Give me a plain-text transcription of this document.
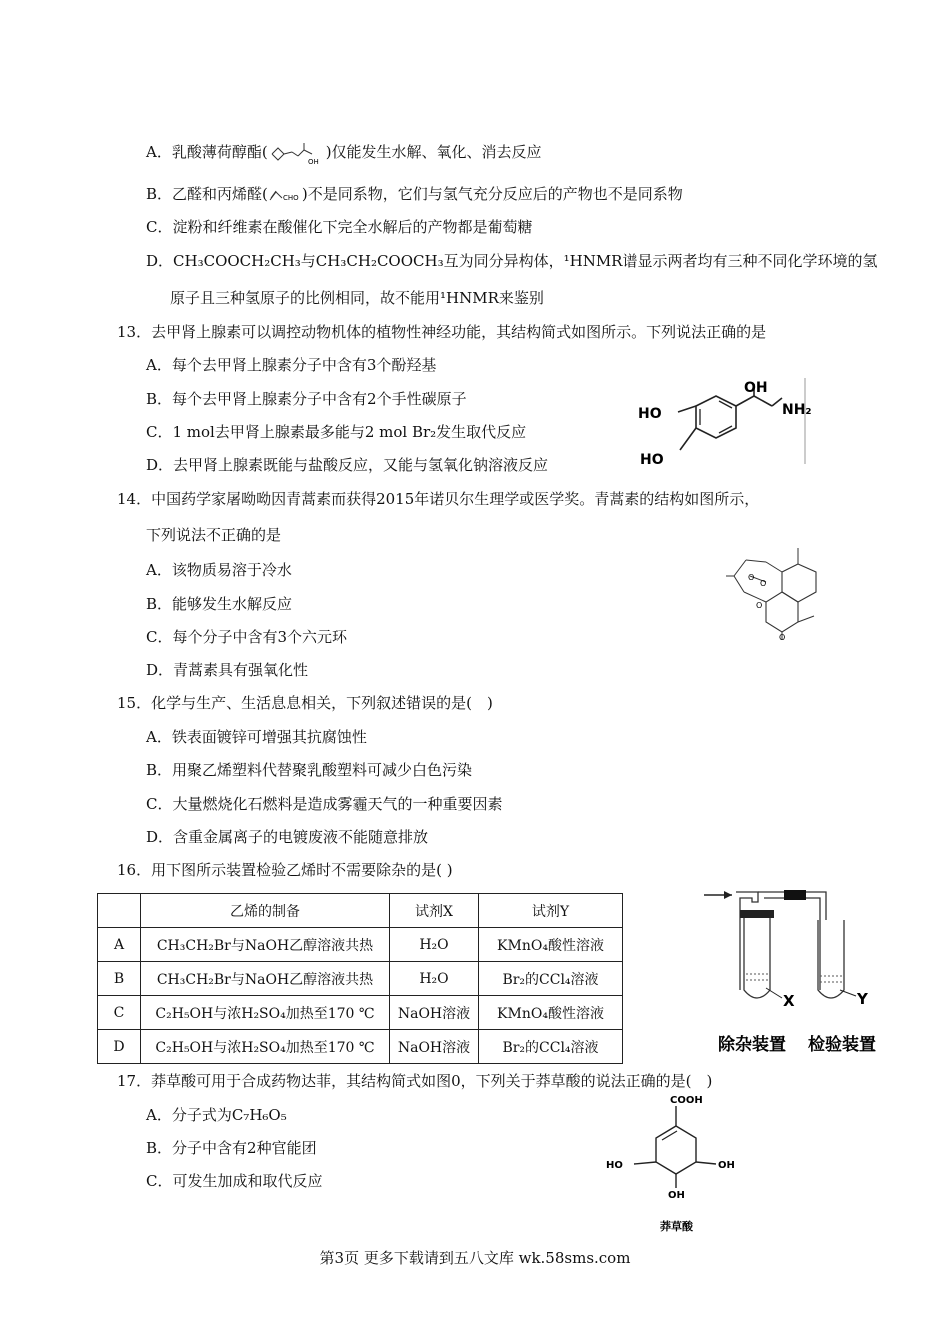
A．乳酸薄荷醇酯(
OH
)仅能发生水解、氧化、消去反应
B．乙醛和丙烯醛( CHO )不是同系物，它们与氢气充分反应后的产物也不是同系物
C．淀粉和纤维素在酸催化下完全水解后的产物都是葡萄糖
D．CH₃COOCH₂CH₃与CH₃CH₂COOCH₃互为同分异构体，¹HNMR谱显示两者均有三种不同化学环境的氢
原子且三种氢原子的比例相同，故不能用¹HNMR来鉴别
13．去甲肾上腺素可以调控动物机体的植物性神经功能，其结构简式如图所示。下列说法正确的是
A．每个去甲肾上腺素分子中含有3个酚羟基
B．每个去甲肾上腺素分子中含有2个手性碳原子
C．1 mol去甲肾上腺素最多能与2 mol Br₂发生取代反应
D．去甲肾上腺素既能与盐酸反应，又能与氢氧化钠溶液反应
OH
NH₂
HO
HO
14．中国药学家屠呦呦因青蒿素而获得2015年诺贝尔生理学或医学奖。青蒿素的结构如图所示，
下列说法不正确的是
A．该物质易溶于冷水
B．能够发生水解反应
C．每个分子中含有3个六元环
D．青蒿素具有强氧化性
O
O
O
O
15．化学与生产、生活息息相关，下列叙述错误的是(　)
A．铁表面镀锌可增强其抗腐蚀性
B．用聚乙烯塑料代替聚乳酸塑料可减少白色污染
C．大量燃烧化石燃料是造成雾霾天气的一种重要因素
D．含重金属离子的电镀废液不能随意排放
16．用下图所示装置检验乙烯时不需要除杂的是( )
	乙烯的制备	试剂X	试剂Y
A	CH₃CH₂Br与NaOH乙醇溶液共热	H₂O	KMnO₄酸性溶液
B	CH₃CH₂Br与NaOH乙醇溶液共热	H₂O	Br₂的CCl₄溶液
C	C₂H₅OH与浓H₂SO₄加热至170 ℃	NaOH溶液	KMnO₄酸性溶液
D	C₂H₅OH与浓H₂SO₄加热至170 ℃	NaOH溶液	Br₂的CCl₄溶液
X	Y
除杂装置 检验装置
17．莽草酸可用于合成药物达菲，其结构简式如图0，下列关于莽草酸的说法正确的是(　)
A．分子式为C₇H₆O₅
B．分子中含有2种官能团
C．可发生加成和取代反应
COOH
HO	OH
OH
莽草酸
第3页 更多下载请到五八文库 wk.58sms.com
